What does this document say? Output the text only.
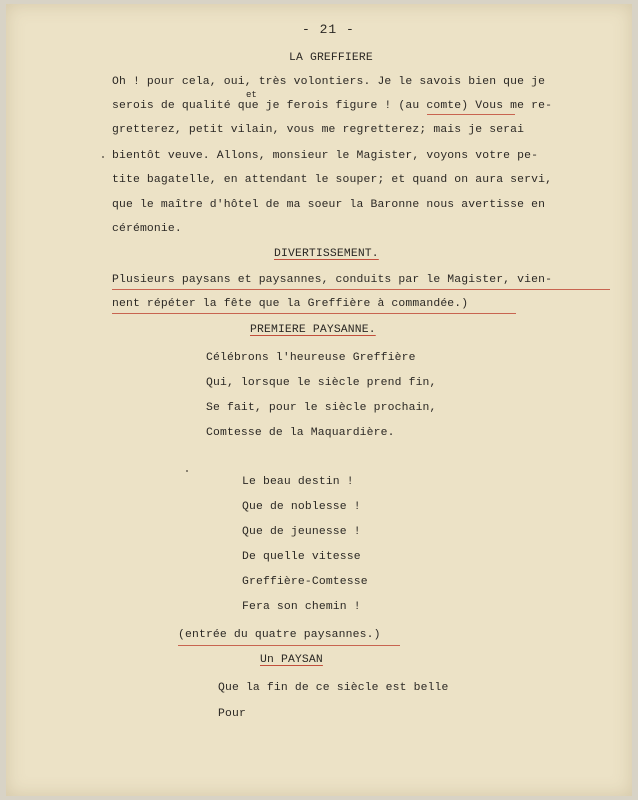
- 21 -
LA GREFFIERE
Oh ! pour cela, oui, très volontiers. Je le savois bien que je
serois de qualité que je ferois figure ! (au comte) Vous me re-
gretterez, petit vilain, vous me regretterez; mais je serai
bientôt veuve. Allons, monsieur le Magister, voyons votre pe-
tite bagatelle, en attendant le souper; et quand on aura servi,
que le maître d'hôtel de ma soeur la Baronne nous avertisse en
cérémonie.
et
DIVERTISSEMENT.
Plusieurs paysans et paysannes, conduits par le Magister, vien-
nent répéter la fête que la Greffière à commandée.)
PREMIERE PAYSANNE.
Célébrons l'heureuse Greffière
Qui, lorsque le siècle prend fin,
Se fait, pour le siècle prochain,
Comtesse de la Maquardière.
Le beau destin !
Que de noblesse !
Que de jeunesse !
De quelle vitesse
Greffière-Comtesse
Fera son chemin !
(entrée du quatre paysannes.)
Un PAYSAN
Que la fin de ce siècle est belle
Pour
